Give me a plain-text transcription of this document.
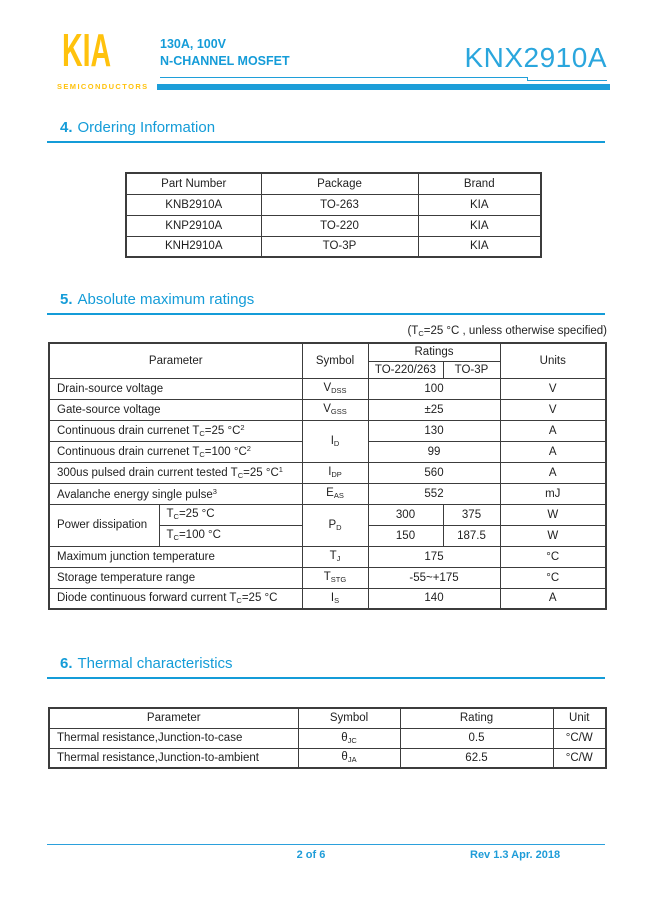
KIA
SEMICONDUCTORS
130A, 100V
N-CHANNEL MOSFET	KNX2910A
4. Ordering Information
Part Number	Package	Brand
KNB2910A	TO-263	KIA
KNP2910A	TO-220	KIA
KNH2910A	TO-3P	KIA
5. Absolute maximum ratings
($T_C=25$ °C , unless otherwise specified)
Parameter		Symbol	Ratings		Units
			TO-220/263	TO-3P	
Drain-source voltage		$V_{DSS}$	100		V
Gate-source voltage		$V_{GSS}$	±25		V
Continuous drain currenet $T_C=25$ $^\circ C^2$		$I_D$	130		A
Continuous drain currenet $T_C=100$ $^\circ C^2$			99		A
300us pulsed drain current tested $T_C=25$ $^\circ C^1$		$I_{DP}$	560		A
Avalanche energy single pulse$^3$		$E_{AS}$	552		mJ
Power dissipation	$T_C=25$ °C	$P_D$	300	375	W
	$T_C=100$ °C		150	187.5	W
Maximum junction temperature		$T_J$	175		°C
Storage temperature range		$T_{STG}$	-55~+175		°C
Diode continuous forward current $T_C=25$ °C		$I_S$	140		A
6. Thermal characteristics
Parameter	Symbol	Rating	Unit
Thermal resistance,Junction-to-case	$\theta_{JC}$	0.5	°C/W
Thermal resistance,Junction-to-ambient	$\theta_{JA}$	62.5	°C/W
2 of 6	Rev 1.3 Apr. 2018
